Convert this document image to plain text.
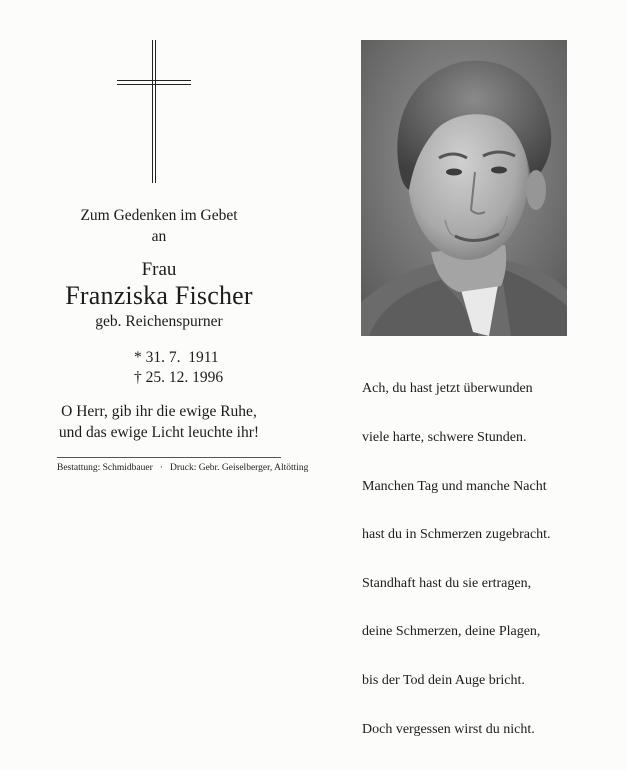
Zum Gedenken im Gebet
an
Frau
Franziska Fischer
geb. Reichenspurner
* 31. 7.  1911
† 25. 12. 1996
O Herr, gib ihr die ewige Ruhe,
und das ewige Licht leuchte ihr!
Bestattung: Schmidbauer · Druck: Gebr. Geiselberger, Altötting

Ach, du hast jetzt überwunden

viele harte, schwere Stunden.

Manchen Tag und manche Nacht

hast du in Schmerzen zugebracht.

Standhaft hast du sie ertragen,

deine Schmerzen, deine Plagen,

bis der Tod dein Auge bricht.

Doch vergessen wirst du nicht.
